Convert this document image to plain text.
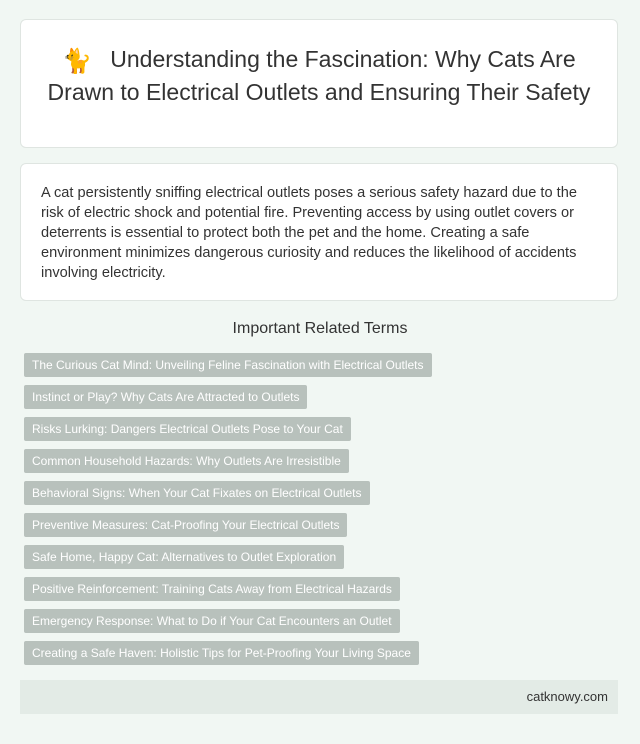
🐈 Understanding the Fascination: Why Cats Are Drawn to Electrical Outlets and Ensuring Their Safety

A cat persistently sniffing electrical outlets poses a serious safety hazard due to the risk of electric shock and potential fire. Preventing access by using outlet covers or deterrents is essential to protect both the pet and the home. Creating a safe environment minimizes dangerous curiosity and reduces the likelihood of accidents involving electricity.

Important Related Terms
The Curious Cat Mind: Unveiling Feline Fascination with Electrical Outlets
Instinct or Play? Why Cats Are Attracted to Outlets
Risks Lurking: Dangers Electrical Outlets Pose to Your Cat
Common Household Hazards: Why Outlets Are Irresistible
Behavioral Signs: When Your Cat Fixates on Electrical Outlets
Preventive Measures: Cat-Proofing Your Electrical Outlets
Safe Home, Happy Cat: Alternatives to Outlet Exploration
Positive Reinforcement: Training Cats Away from Electrical Hazards
Emergency Response: What to Do if Your Cat Encounters an Outlet
Creating a Safe Haven: Holistic Tips for Pet-Proofing Your Living Space
catknowy.com
